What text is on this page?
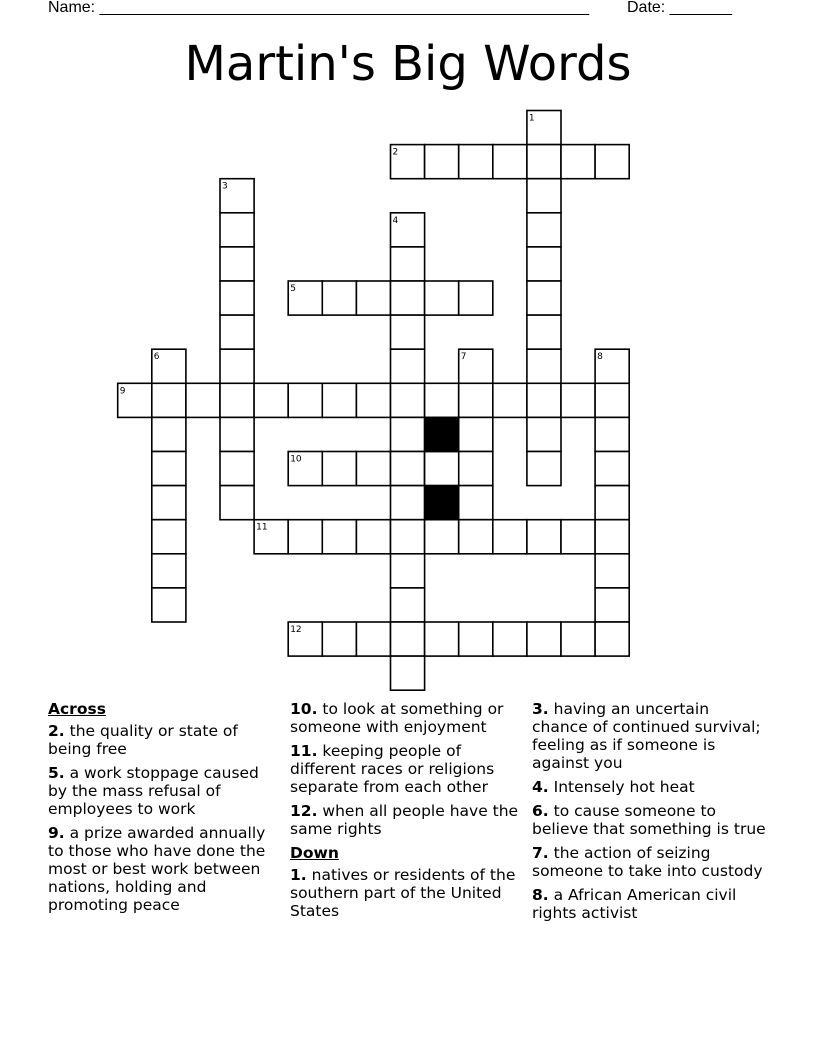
Name: _______________________________________________________ Date: _______
Martin's Big Words
1
2
3
4
5
6	7	8
9
10
11
12
Across
2. the quality or state of being free
5. a work stoppage caused by the mass refusal of employees to work
9. a prize awarded annually to those who have done the most or best work between nations, holding and promoting peace
10. to look at something or someone with enjoyment
11. keeping people of different races or religions separate from each other
12. when all people have the same rights
Down
1. natives or residents of the southern part of the United States
3. having an uncertain chance of continued survival; feeling as if someone is against you
4. Intensely hot heat
6. to cause someone to believe that something is true
7. the action of seizing someone to take into custody
8. a African American civil rights activist
